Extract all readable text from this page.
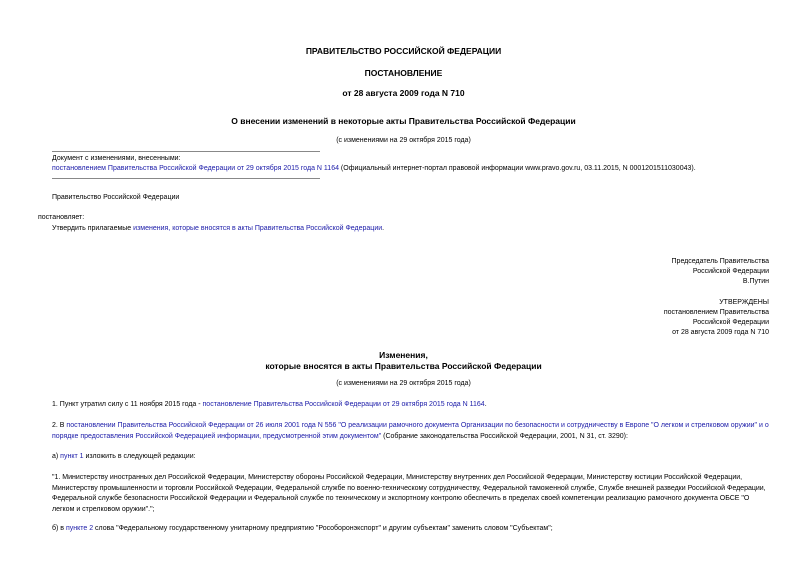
ПРАВИТЕЛЬСТВО РОССИЙСКОЙ ФЕДЕРАЦИИ
ПОСТАНОВЛЕНИЕ
от 28 августа 2009 года N 710
О внесении изменений в некоторые акты Правительства Российской Федерации
(с изменениями на 29 октября 2015 года)
Документ с изменениями, внесенными:
постановлением Правительства Российской Федерации от 29 октября 2015 года N 1164 (Официальный интернет-портал правовой информации www.pravo.gov.ru, 03.11.2015, N 0001201511030043).
Правительство Российской Федерации
постановляет:
Утвердить прилагаемые изменения, которые вносятся в акты Правительства Российской Федерации.
Председатель Правительства
Российской Федерации
В.Путин
УТВЕРЖДЕНЫ
постановлением Правительства
Российской Федерации
от 28 августа 2009 года N 710
Изменения,
которые вносятся в акты Правительства Российской Федерации
(с изменениями на 29 октября 2015 года)
1. Пункт утратил силу с 11 ноября 2015 года - постановление Правительства Российской Федерации от 29 октября 2015 года N 1164.
2. В постановлении Правительства Российской Федерации от 26 июля 2001 года N 556 "О реализации рамочного документа Организации по безопасности и сотрудничеству в Европе "О легком и стрелковом оружии" и о порядке предоставления Российской Федерацией информации, предусмотренной этим документом" (Собрание законодательства Российской Федерации, 2001, N 31, ст. 3290):
а) пункт 1 изложить в следующей редакции:
"1. Министерству иностранных дел Российской Федерации, Министерству обороны Российской Федерации, Министерству внутренних дел Российской Федерации, Министерству юстиции Российской Федерации, Министерству промышленности и торговли Российской Федерации, Федеральной службе по военно-техническому сотрудничеству, Федеральной таможенной службе, Службе внешней разведки Российской Федерации, Федеральной службе безопасности Российской Федерации и Федеральной службе по техническому и экспортному контролю обеспечить в пределах своей компетенции реализацию рамочного документа ОБСЕ "О легком и стрелковом оружии".";
б) в пункте 2 слова "Федеральному государственному унитарному предприятию "Рособоронэкспорт" и другим субъектам" заменить словом "Субъектам";
